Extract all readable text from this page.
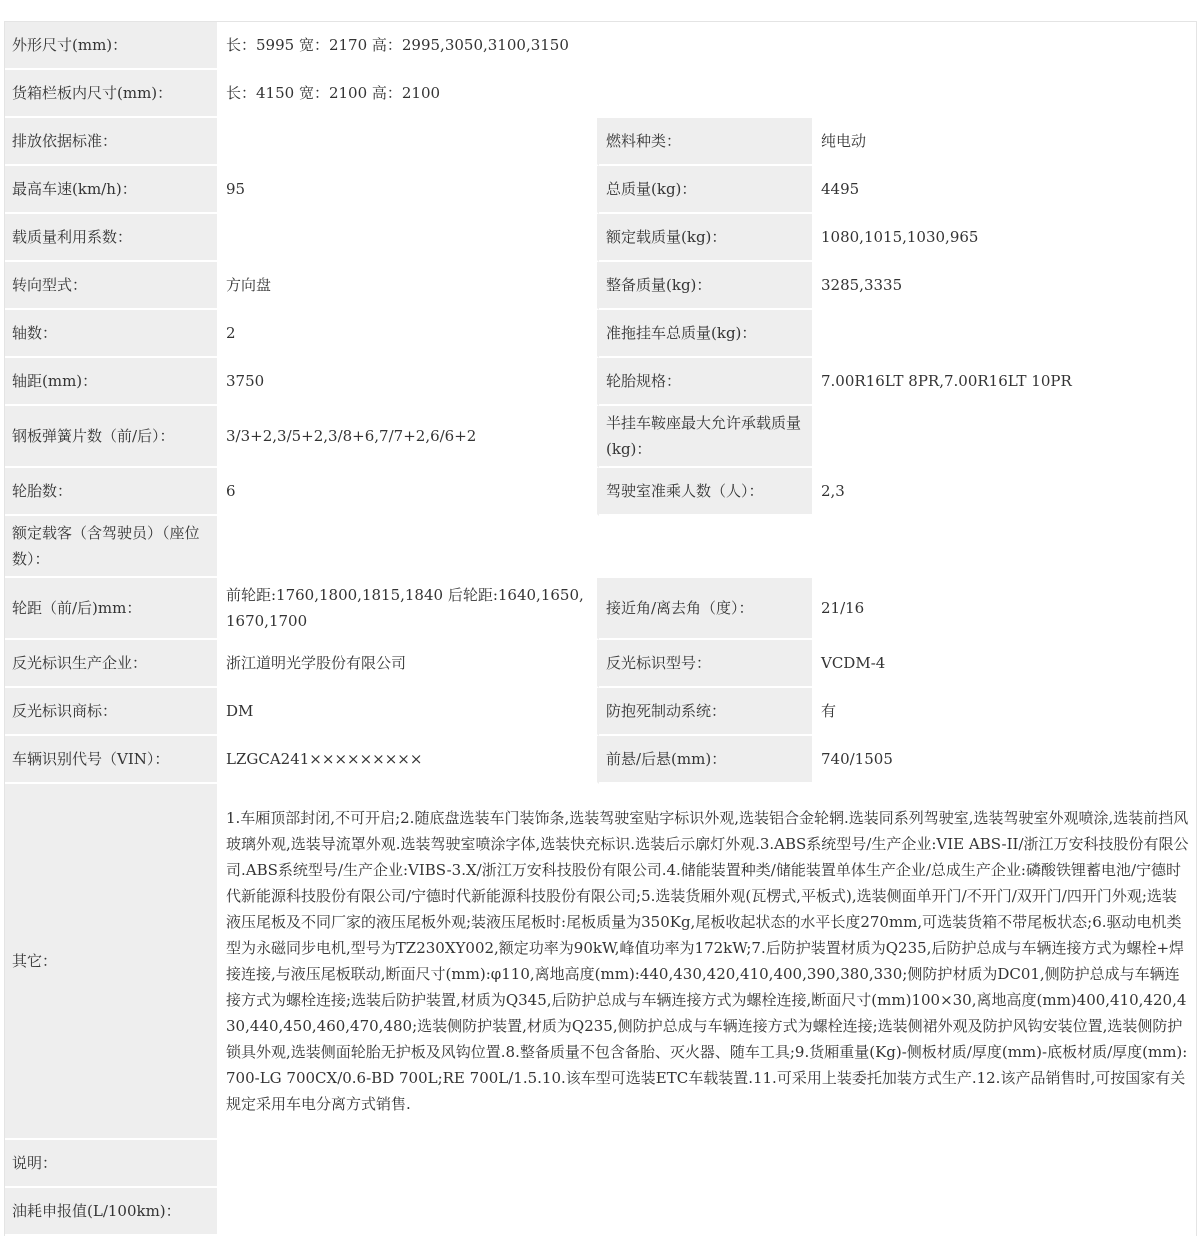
外形尺寸(mm)：	长：5995 宽：2170 高：2995,3050,3100,3150		
货箱栏板内尺寸(mm)：	长：4150 宽：2100 高：2100		
排放依据标准：		燃料种类：	纯电动
最高车速(km/h)：	95	总质量(kg)：	4495
载质量利用系数：		额定载质量(kg)：	1080,1015,1030,965
转向型式：	方向盘	整备质量(kg)：	3285,3335
轴数：	2	准拖挂车总质量(kg)：	
轴距(mm)：	3750	轮胎规格：	7.00R16LT 8PR,7.00R16LT 10PR
钢板弹簧片数（前/后）：	3/3+2,3/5+2,3/8+6,7/7+2,6/6+2	半挂车鞍座最大允许承载质量(kg)：	
轮胎数：	6	驾驶室准乘人数（人）：	2,3
额定载客（含驾驶员）（座位数）：			
轮距（前/后)mm：	前轮距:1760,1800,1815,1840 后轮距:1640,1650,1670,1700	接近角/离去角（度）：	21/16
反光标识生产企业：	浙江道明光学股份有限公司	反光标识型号：	VCDM-4
反光标识商标：	DM	防抱死制动系统：	有
车辆识别代号（VIN）：	LZGCA241×××××××××	前悬/后悬(mm)：	740/1505
其它：	1.车厢顶部封闭,不可开启;2.随底盘选装车门装饰条,选装驾驶室贴字标识外观,选装铝合金轮辋.选装同系列驾驶室,选装驾驶室外观喷涂,选装前挡风玻璃外观,选装导流罩外观.选装驾驶室喷涂字体,选装快充标识.选装后示廓灯外观.3.ABS系统型号/生产企业:VIE ABS-II/浙江万安科技股份有限公司.ABS系统型号/生产企业:VIBS-3.X/浙江万安科技股份有限公司.4.储能装置种类/储能装置单体生产企业/总成生产企业:磷酸铁锂蓄电池/宁德时代新能源科技股份有限公司/宁德时代新能源科技股份有限公司;5.选装货厢外观(瓦楞式,平板式),选装侧面单开门/不开门/双开门/四开门外观;选装液压尾板及不同厂家的液压尾板外观;装液压尾板时:尾板质量为350Kg,尾板收起状态的水平长度270mm,可选装货箱不带尾板状态;6.驱动电机类型为永磁同步电机,型号为TZ230XY002,额定功率为90kW,峰值功率为172kW;7.后防护装置材质为Q235,后防护总成与车辆连接方式为螺栓+焊接连接,与液压尾板联动,断面尺寸(mm):φ110,离地高度(mm):440,430,420,410,400,390,380,330;侧防护材质为DC01,侧防护总成与车辆连接方式为螺栓连接;选装后防护装置,材质为Q345,后防护总成与车辆连接方式为螺栓连接,断面尺寸(mm)100×30,离地高度(mm)400,410,420,430,440,450,460,470,480;选装侧防护装置,材质为Q235,侧防护总成与车辆连接方式为螺栓连接;选装侧裙外观及防护风钩安装位置,选装侧防护锁具外观,选装侧面轮胎无护板及风钩位置.8.整备质量不包含备胎、灭火器、随车工具;9.货厢重量(Kg)-侧板材质/厚度(mm)-底板材质/厚度(mm):700-LG 700CX/0.6-BD 700L;RE 700L/1.5.10.该车型可选装ETC车载装置.11.可采用上装委托加装方式生产.12.该产品销售时,可按国家有关规定采用车电分离方式销售.		
说明：			
油耗申报值(L/100km)：			
